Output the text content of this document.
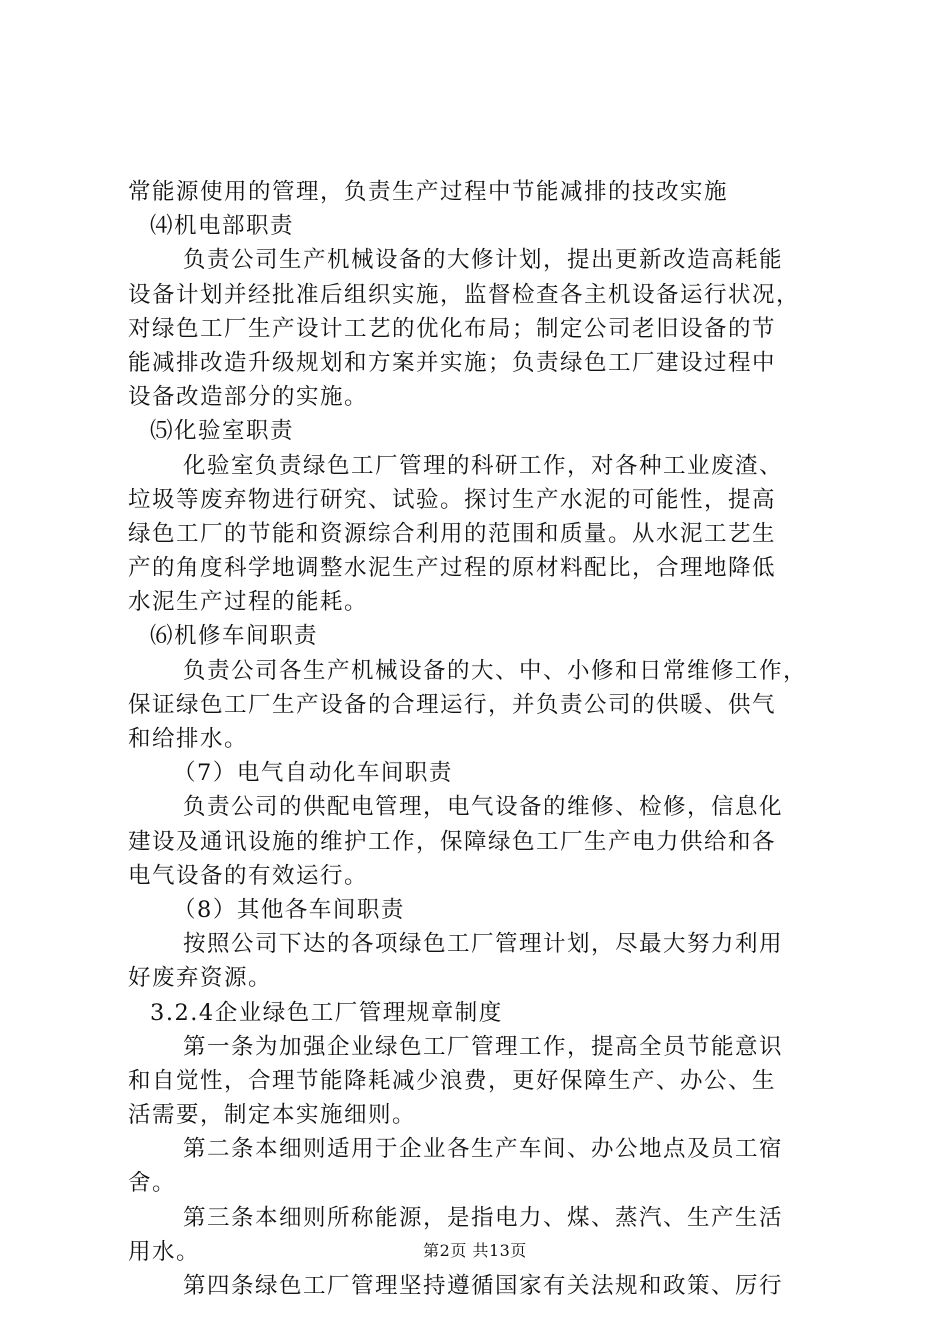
常能源使用的管理，负责生产过程中节能减排的技改实施
⑷机电部职责
负责公司生产机械设备的大修计划，提出更新改造高耗能
设备计划并经批准后组织实施，监督检查各主机设备运行状况，
对绿色工厂生产设计工艺的优化布局；制定公司老旧设备的节
能减排改造升级规划和方案并实施；负责绿色工厂建设过程中
设备改造部分的实施。
⑸化验室职责
化验室负责绿色工厂管理的科研工作，对各种工业废渣、
垃圾等废弃物进行研究、试验。探讨生产水泥的可能性，提高
绿色工厂的节能和资源综合利用的范围和质量。从水泥工艺生
产的角度科学地调整水泥生产过程的原材料配比，合理地降低
水泥生产过程的能耗。
⑹机修车间职责
负责公司各生产机械设备的大、中、小修和日常维修工作，
保证绿色工厂生产设备的合理运行，并负责公司的供暖、供气
和给排水。
（7）电气自动化车间职责
负责公司的供配电管理，电气设备的维修、检修，信息化
建设及通讯设施的维护工作，保障绿色工厂生产电力供给和各
电气设备的有效运行。
（8）其他各车间职责
按照公司下达的各项绿色工厂管理计划，尽最大努力利用
好废弃资源。
3.2.4企业绿色工厂管理规章制度
第一条为加强企业绿色工厂管理工作，提高全员节能意识
和自觉性，合理节能降耗减少浪费，更好保障生产、办公、生
活需要，制定本实施细则。
第二条本细则适用于企业各生产车间、办公地点及员工宿
舍。
第三条本细则所称能源，是指电力、煤、蒸汽、生产生活
用水。
第四条绿色工厂管理坚持遵循国家有关法规和政策、厉行
第2页 共13页
